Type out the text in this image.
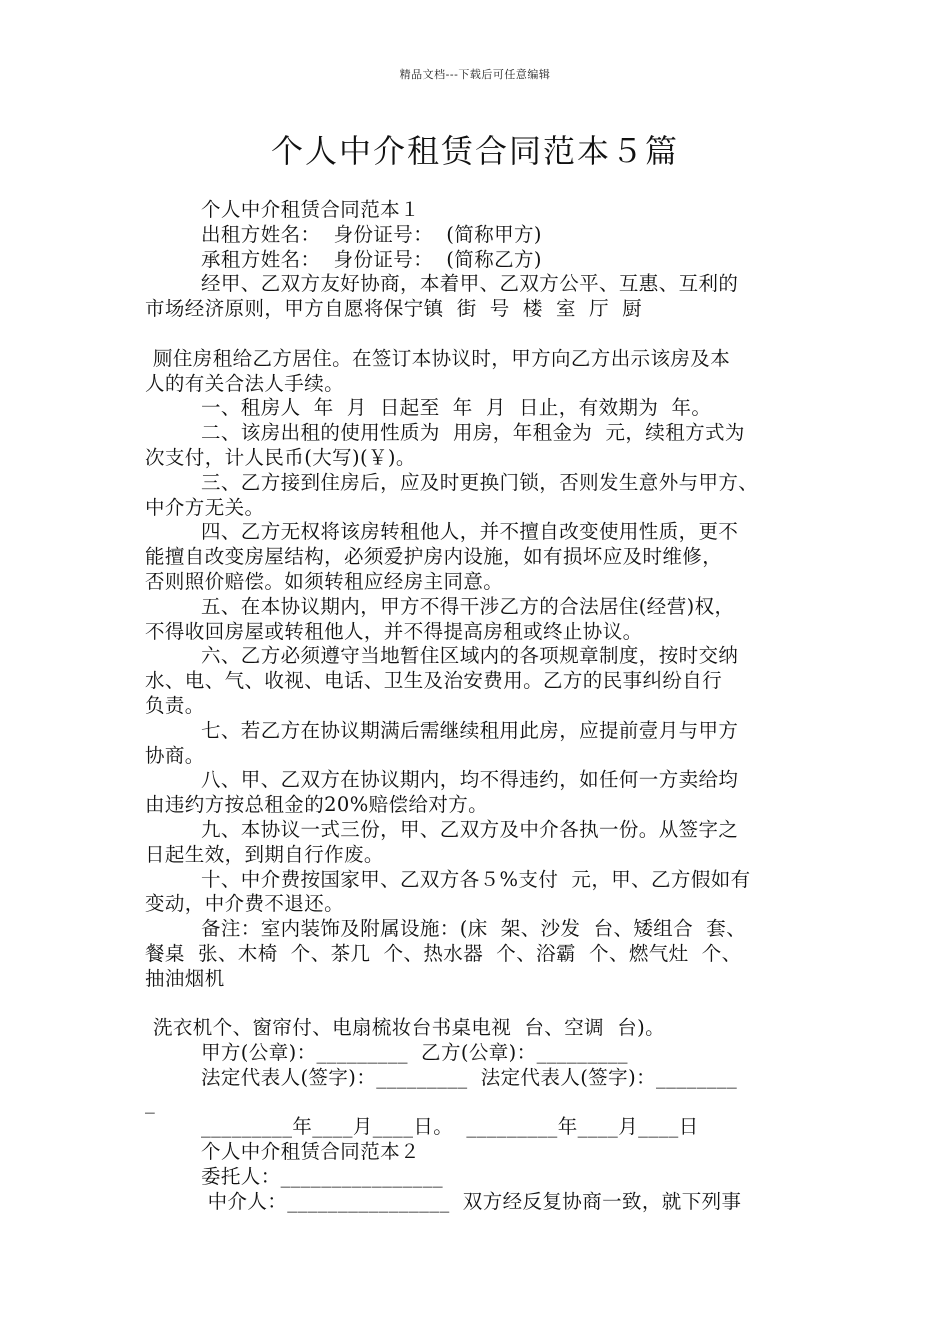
精品文档---下载后可任意编辑
个人中介租赁合同范本５篇

个人中介租赁合同范本１

出租方姓名：  身份证号：  (简称甲方)

承租方姓名：  身份证号：  (简称乙方)

经甲、乙双方友好协商，本着甲、乙双方公平、互惠、互利的

市场经济原则，甲方自愿将保宁镇  街  号  楼  室  厅  厨

厕住房租给乙方居住。在签订本协议时，甲方向乙方出示该房及本

人的有关合法人手续。

一、租房人  年  月  日起至  年  月  日止，有效期为  年。

二、该房出租的使用性质为  用房，年租金为  元，续租方式为

次支付，计人民币(大写)(￥)。

三、乙方接到住房后，应及时更换门锁，否则发生意外与甲方、

中介方无关。

四、乙方无权将该房转租他人，并不擅自改变使用性质，更不

能擅自改变房屋结构，必须爱护房内设施，如有损坏应及时维修，

否则照价赔偿。如须转租应经房主同意。

五、在本协议期内，甲方不得干涉乙方的合法居住(经营)权，

不得收回房屋或转租他人，并不得提高房租或终止协议。

六、乙方必须遵守当地暂住区域内的各项规章制度，按时交纳

水、电、气、收视、电话、卫生及治安费用。乙方的民事纠纷自行

负责。

七、若乙方在协议期满后需继续租用此房，应提前壹月与甲方

协商。

八、甲、乙双方在协议期内，均不得违约，如任何一方卖给均

由违约方按总租金的20%赔偿给对方。

九、本协议一式三份，甲、乙双方及中介各执一份。从签字之

日起生效，到期自行作废。

十、中介费按国家甲、乙双方各５%支付  元，甲、乙方假如有

变动，中介费不退还。

备注：室内装饰及附属设施：(床  架、沙发  台、矮组合  套、

餐桌  张、木椅  个、茶几  个、热水器  个、浴霸  个、燃气灶  个、

抽油烟机

洗衣机个、窗帘付、电扇梳妆台书桌电视  台、空调  台)。

甲方(公章)：_________  乙方(公章)：_________

法定代表人(签字)：_________  法定代表人(签字)：________

_

_________年____月____日。  _________年____月____日

个人中介租赁合同范本２

委托人：________________

中介人：________________  双方经反复协商一致，就下列事
